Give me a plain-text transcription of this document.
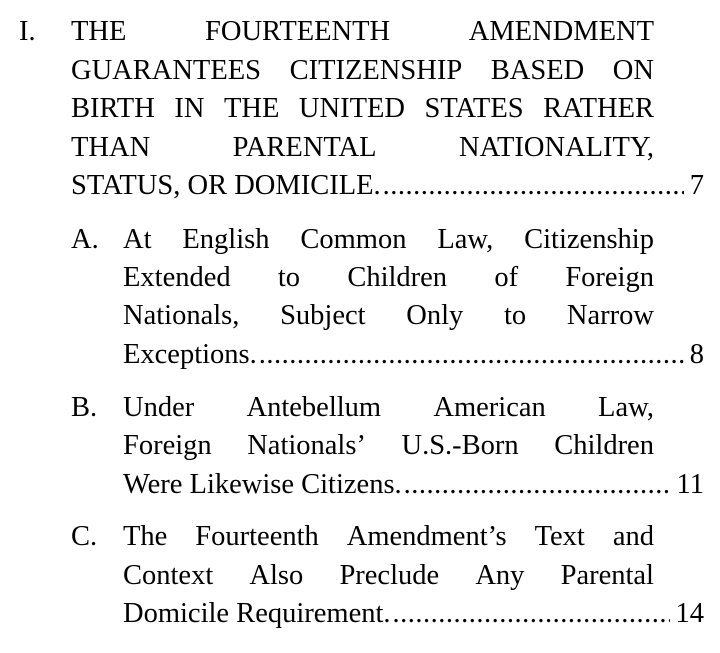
I. THE	FOURTEENTH	AMENDMENT
GUARANTEES CITIZENSHIP BASED ON
BIRTH IN THE UNITED STATES RATHER
THAN	PARENTAL	NATIONALITY,
STATUS, OR DOMICILE. .....	7
A. At English Common Law, Citizenship
Extended to Children of Foreign
Nationals, Subject Only to Narrow
Exceptions. .....	8
B. Under Antebellum American Law,
Foreign Nationals’ U.S.-Born Children
Were Likewise Citizens. .....	11
C. The Fourteenth Amendment’s Text and
Context Also Preclude Any Parental
Domicile Requirement. .....	14
